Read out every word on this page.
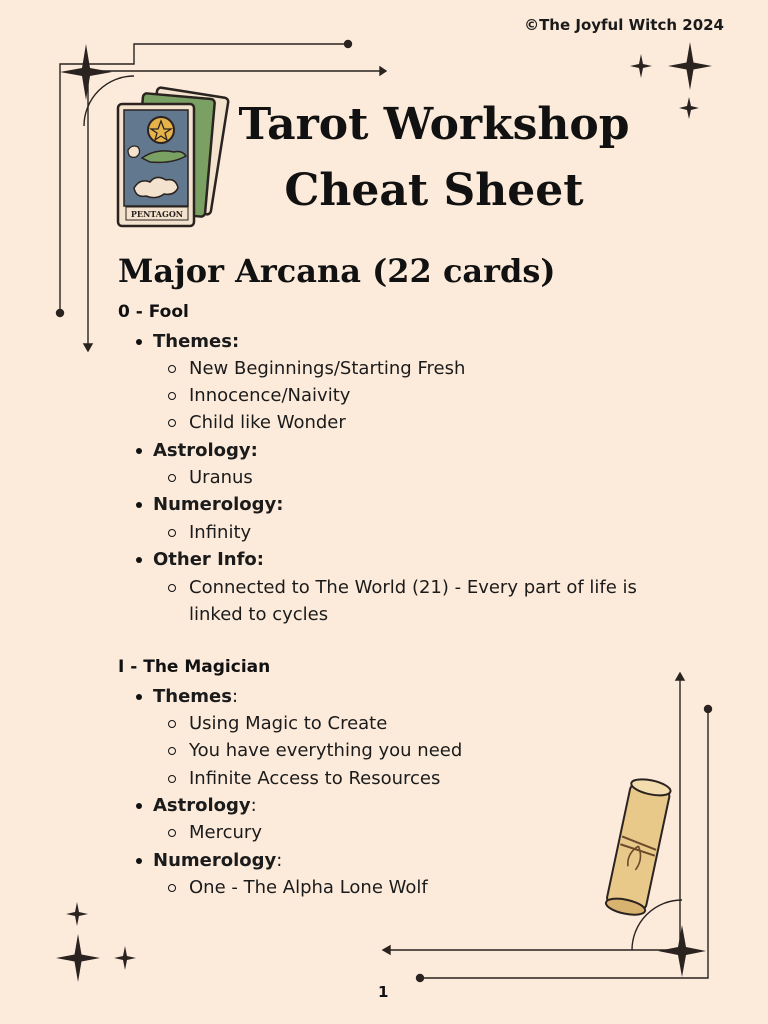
PENTAGON
©The Joyful Witch 2024
Tarot Workshop
Cheat Sheet
Major Arcana (22 cards)
0 - Fool
Themes:
New Beginnings/Starting Fresh
Innocence/Naivity
Child like Wonder
Astrology:
Uranus
Numerology:
Infinity
Other Info:
Connected to The World (21) - Every part of life is
linked to cycles
I - The Magician
Themes:
Using Magic to Create
You have everything you need
Infinite Access to Resources
Astrology:
Mercury
Numerology:
One - The Alpha Lone Wolf
1
